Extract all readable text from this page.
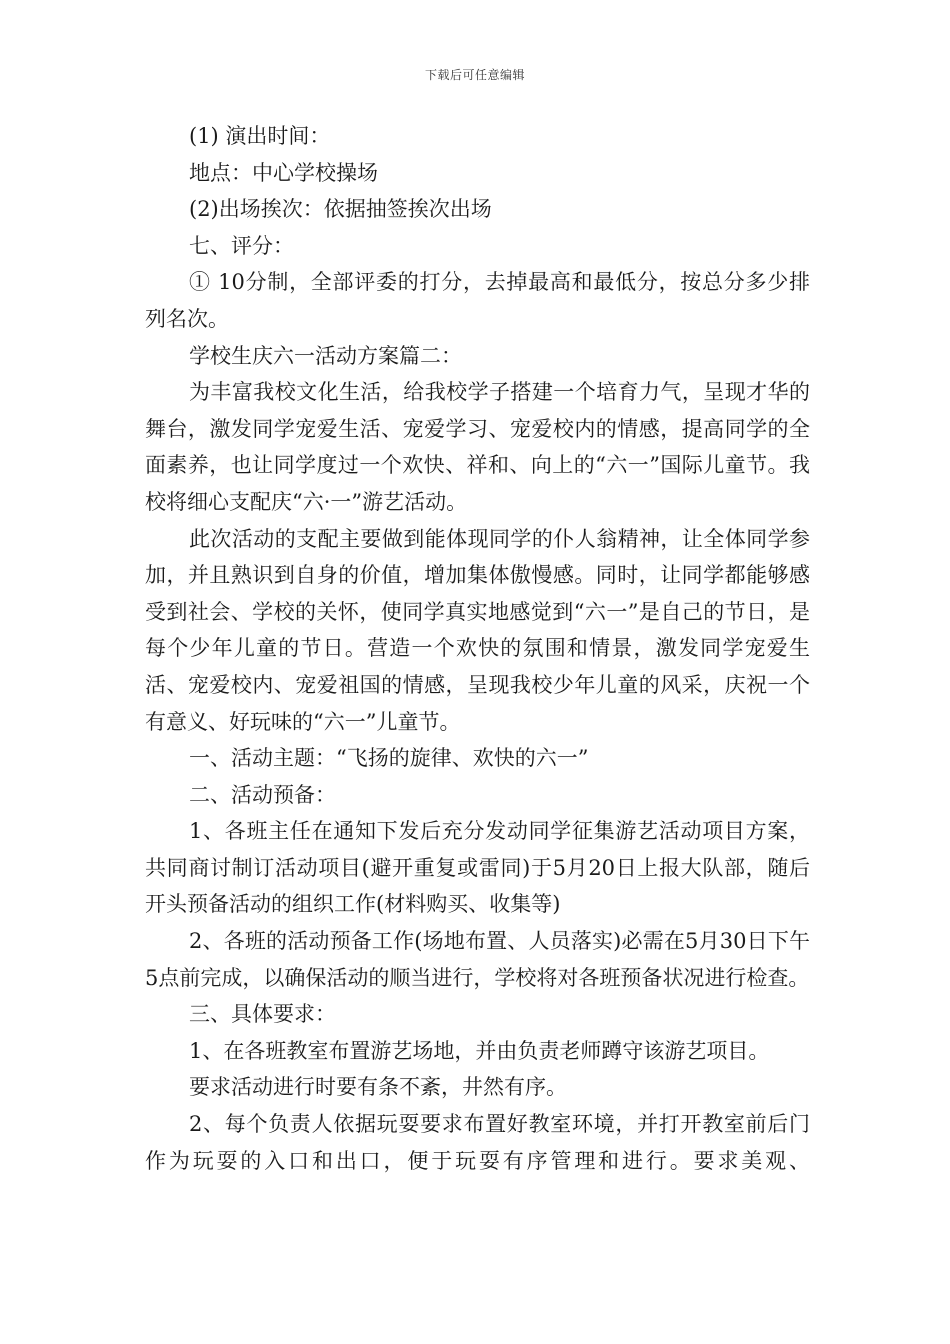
下载后可任意编辑

(1) 演出时间：

地点：中心学校操场

(2)出场挨次：依据抽签挨次出场

七、评分：

① 10分制，全部评委的打分，去掉最高和最低分，按总分多少排列名次。

学校生庆六一活动方案篇二：

为丰富我校文化生活，给我校学子搭建一个培育力气，呈现才华的舞台，激发同学宠爱生活、宠爱学习、宠爱校内的情感，提高同学的全面素养，也让同学度过一个欢快、祥和、向上的“六一”国际儿童节。我校将细心支配庆“六·一”游艺活动。

此次活动的支配主要做到能体现同学的仆人翁精神，让全体同学参加，并且熟识到自身的价值，增加集体傲慢感。同时，让同学都能够感受到社会、学校的关怀，使同学真实地感觉到“六一”是自己的节日，是每个少年儿童的节日。营造一个欢快的氛围和情景，激发同学宠爱生活、宠爱校内、宠爱祖国的情感，呈现我校少年儿童的风采，庆祝一个有意义、好玩味的“六一”儿童节。

一、活动主题：“飞扬的旋律、欢快的六一”

二、活动预备：

1、各班主任在通知下发后充分发动同学征集游艺活动项目方案，共同商讨制订活动项目(避开重复或雷同)于5月20日上报大队部，随后开头预备活动的组织工作(材料购买、收集等)

2、各班的活动预备工作(场地布置、人员落实)必需在5月30日下午5点前完成，以确保活动的顺当进行，学校将对各班预备状况进行检查。

三、具体要求：

1、在各班教室布置游艺场地，并由负责老师蹲守该游艺项目。

要求活动进行时要有条不紊，井然有序。

2、每个负责人依据玩耍要求布置好教室环境，并打开教室前后门作为玩耍的入口和出口，便于玩耍有序管理和进行。要求美观、
